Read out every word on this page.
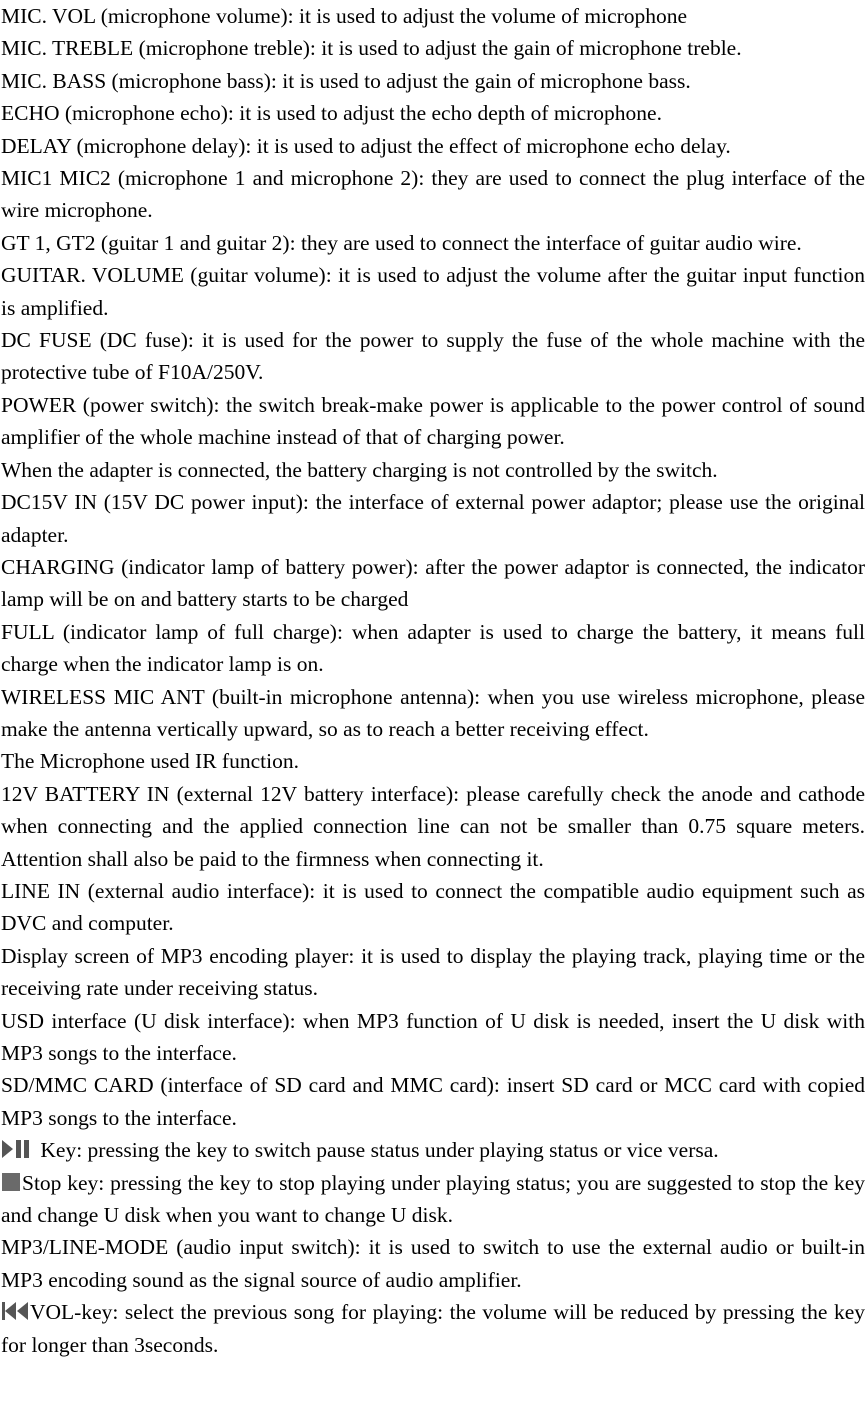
MIC. VOL (microphone volume): it is used to adjust the volume of microphone

MIC. TREBLE (microphone treble): it is used to adjust the gain of microphone treble.

MIC. BASS (microphone bass): it is used to adjust the gain of microphone bass.

ECHO (microphone echo): it is used to adjust the echo depth of microphone.

DELAY (microphone delay): it is used to adjust the effect of microphone echo delay.

MIC1 MIC2 (microphone 1 and microphone 2): they are used to connect the plug interface of the wire microphone.

GT 1, GT2 (guitar 1 and guitar 2): they are used to connect the interface of guitar audio wire.

GUITAR. VOLUME (guitar volume): it is used to adjust the volume after the guitar input function is amplified.

DC FUSE (DC fuse): it is used for the power to supply the fuse of the whole machine with the protective tube of F10A/250V.

POWER (power switch): the switch break-make power is applicable to the power control of sound amplifier of the whole machine instead of that of charging power.

When the adapter is connected, the battery charging is not controlled by the switch.

DC15V IN (15V DC power input): the interface of external power adaptor; please use the original adapter.

CHARGING (indicator lamp of battery power): after the power adaptor is connected, the indicator lamp will be on and battery starts to be charged

FULL (indicator lamp of full charge): when adapter is used to charge the battery, it means full charge when the indicator lamp is on.

WIRELESS MIC ANT (built-in microphone antenna): when you use wireless microphone, please make the antenna vertically upward, so as to reach a better receiving effect.

The Microphone used IR function.

12V BATTERY IN (external 12V battery interface): please carefully check the anode and cathode when connecting and the applied connection line can not be smaller than 0.75 square meters. Attention shall also be paid to the firmness when connecting it.

LINE IN (external audio interface): it is used to connect the compatible audio equipment such as DVC and computer.

Display screen of MP3 encoding player: it is used to display the playing track, playing time or the receiving rate under receiving status.

USD interface (U disk interface): when MP3 function of U disk is needed, insert the U disk with MP3 songs to the interface.

SD/MMC CARD (interface of SD card and MMC card): insert SD card or MCC card with copied MP3 songs to the interface.

Key: pressing the key to switch pause status under playing status or vice versa.

Stop key: pressing the key to stop playing under playing status; you are suggested to stop the key and change U disk when you want to change U disk.

MP3/LINE-MODE (audio input switch): it is used to switch to use the external audio or built-in MP3 encoding sound as the signal source of audio amplifier.

VOL-key: select the previous song for playing: the volume will be reduced by pressing the key for longer than 3seconds.
